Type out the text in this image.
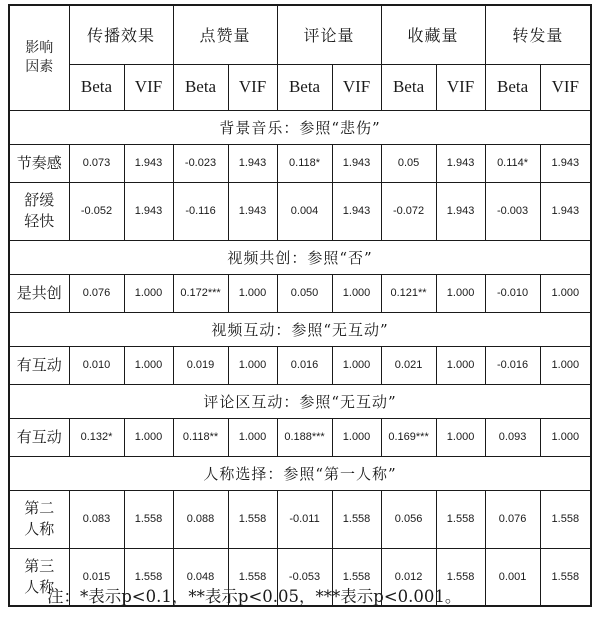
影响
因素	传播效果		点赞量		评论量		收藏量		转发量	
	Beta	VIF	Beta	VIF	Beta	VIF	Beta	VIF	Beta	VIF
背景音乐：参照“悲伤”										
节奏感	0.073	1.943	-0.023	1.943	0.118*	1.943	0.05	1.943	0.114*	1.943
舒缓
轻快	-0.052	1.943	-0.116	1.943	0.004	1.943	-0.072	1.943	-0.003	1.943
视频共创：参照“否”										
是共创	0.076	1.000	0.172***	1.000	0.050	1.000	0.121**	1.000	-0.010	1.000
视频互动：参照“无互动”										
有互动	0.010	1.000	0.019	1.000	0.016	1.000	0.021	1.000	-0.016	1.000
评论区互动：参照“无互动”										
有互动	0.132*	1.000	0.118**	1.000	0.188***	1.000	0.169***	1.000	0.093	1.000
人称选择：参照“第一人称”										
第二
人称	0.083	1.558	0.088	1.558	-0.011	1.558	0.056	1.558	0.076	1.558
第三
人称	0.015	1.558	0.048	1.558	-0.053	1.558	0.012	1.558	0.001	1.558
注：*表示p<0.1，**表示p<0.05，***表示p<0.001。
